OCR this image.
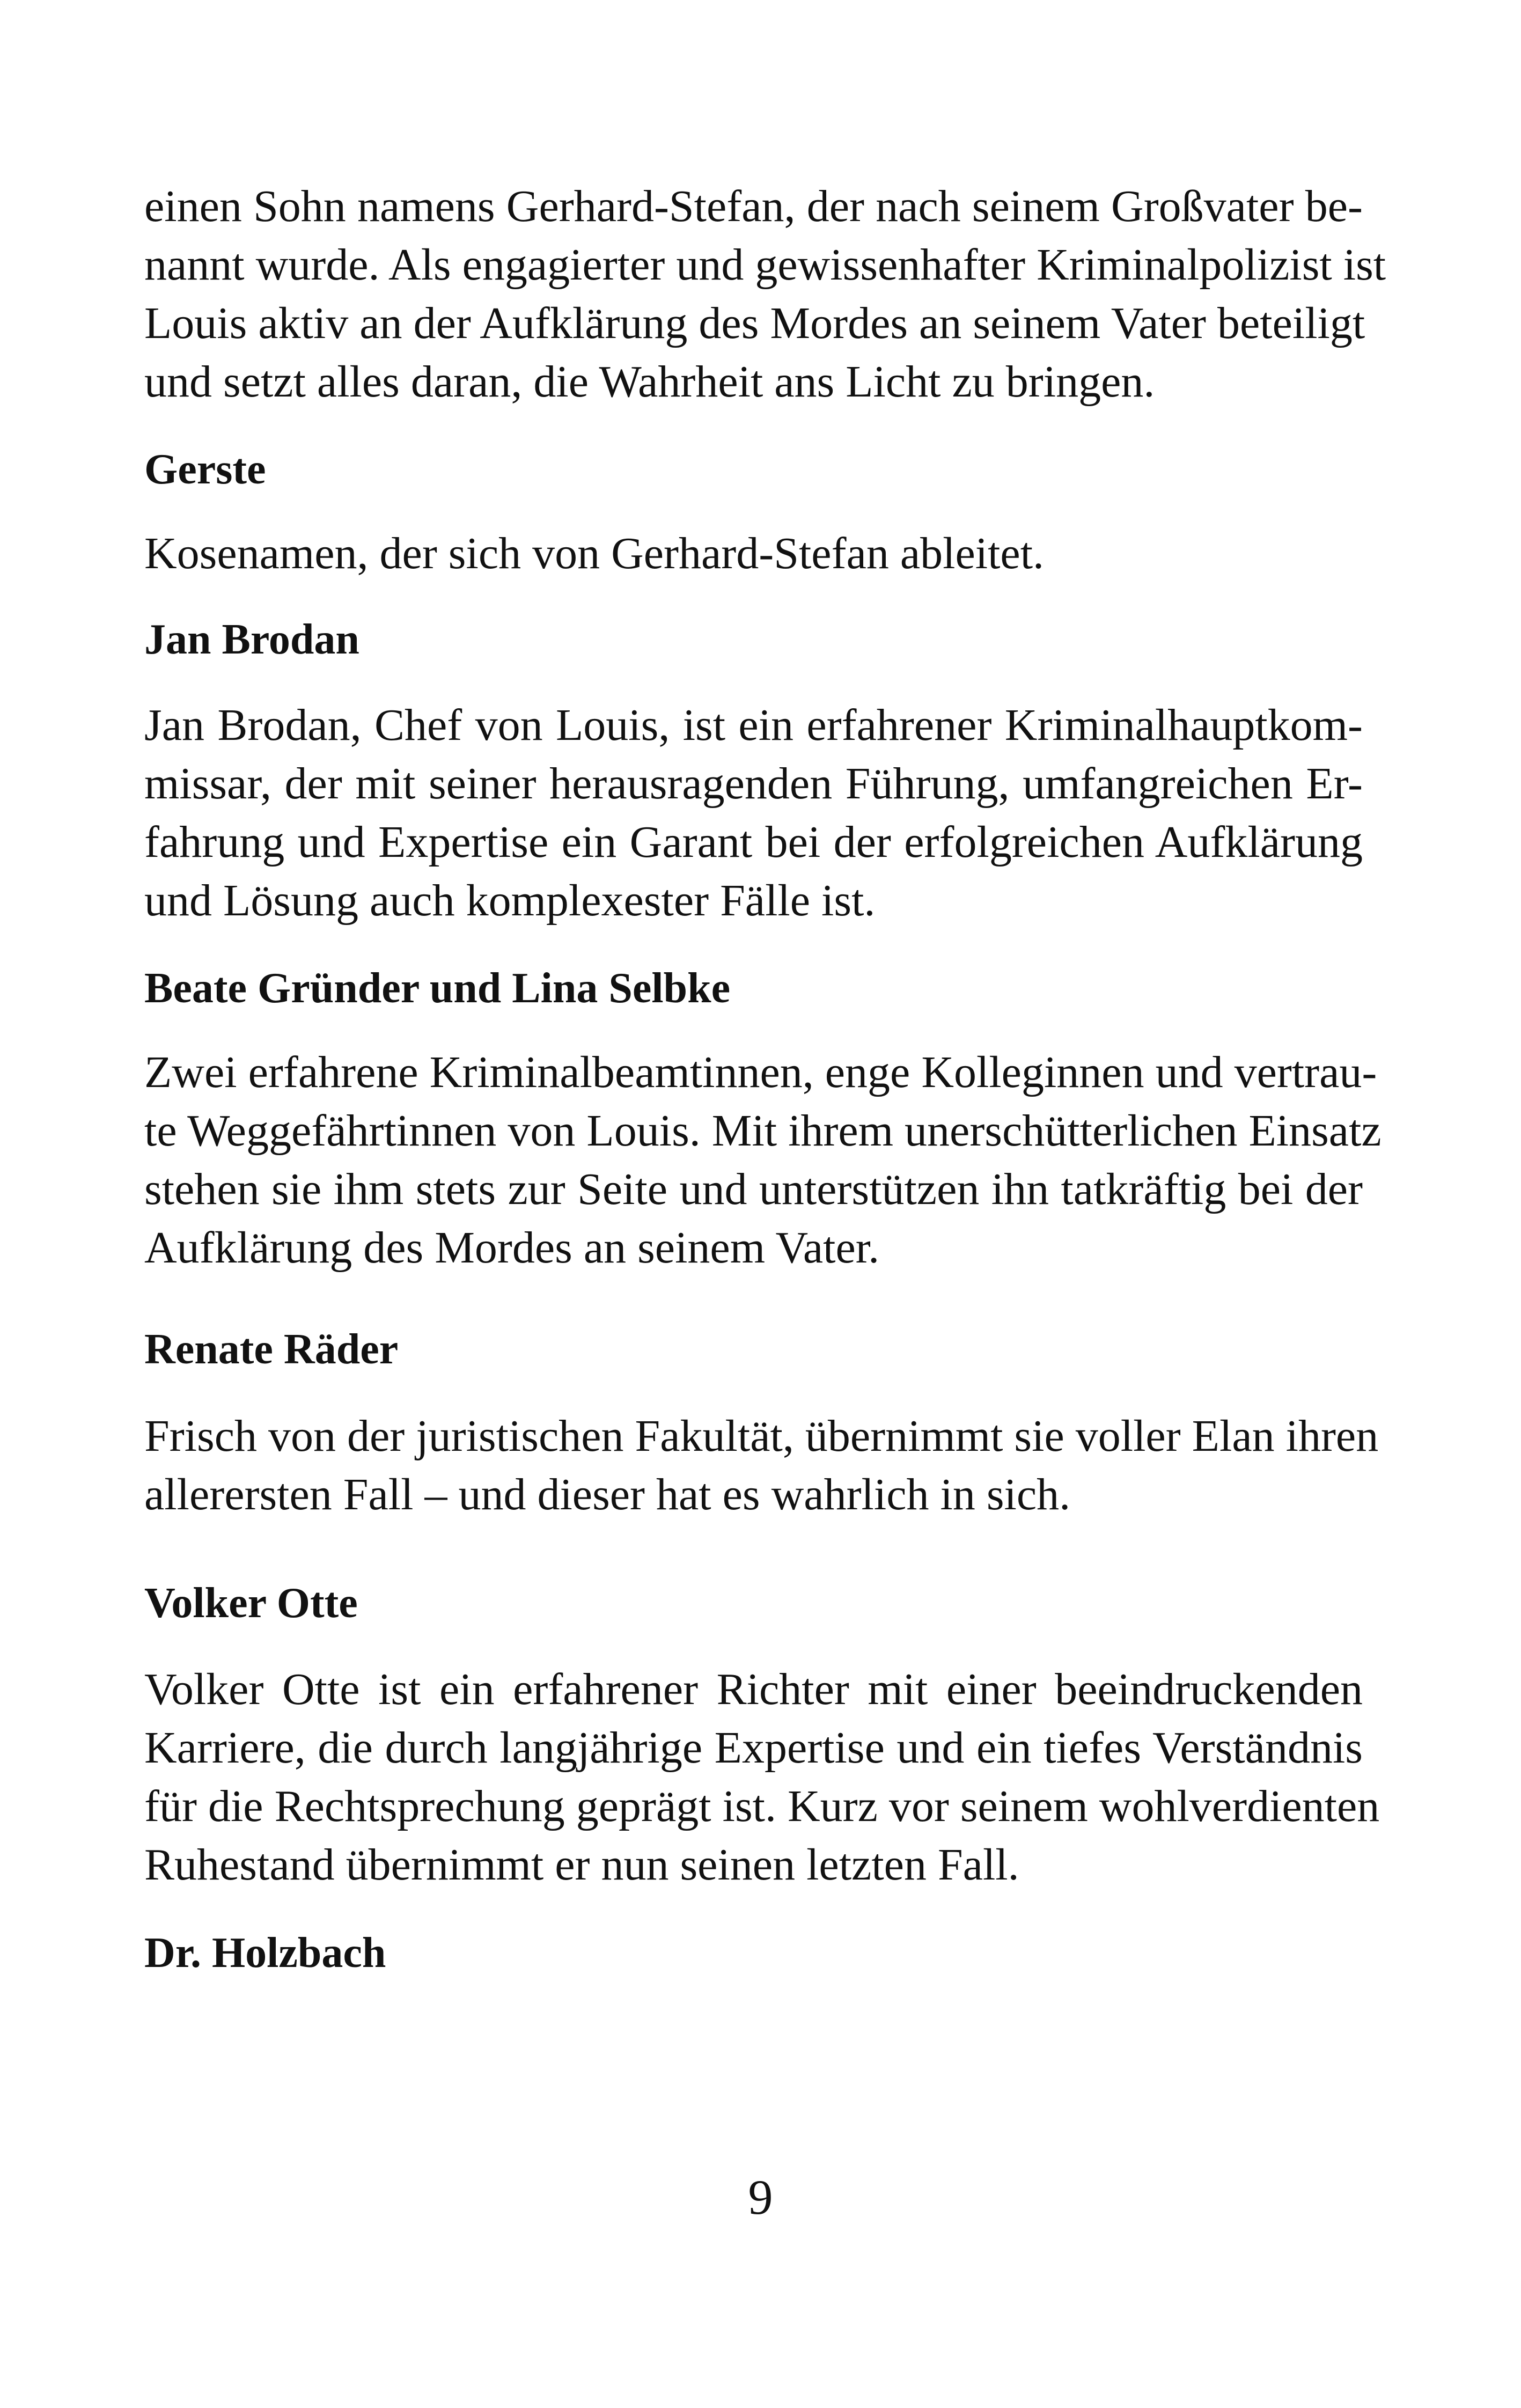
einen Sohn namens Gerhard-Stefan, der nach seinem Großvater be-
nannt wurde. Als engagierter und gewissenhafter Kriminalpolizist ist
Louis aktiv an der Aufklärung des Mordes an seinem Vater beteiligt
und setzt alles daran, die Wahrheit ans Licht zu bringen.
Gerste
Kosenamen, der sich von Gerhard-Stefan ableitet.
Jan Brodan
Jan Brodan, Chef von Louis, ist ein erfahrener Kriminalhauptkom-
missar, der mit seiner herausragenden Führung, umfangreichen Er-
fahrung und Expertise ein Garant bei der erfolgreichen Aufklärung
und Lösung auch komplexester Fälle ist.
Beate Gründer und Lina Selbke
Zwei erfahrene Kriminalbeamtinnen, enge Kolleginnen und vertrau-
te Weggefährtinnen von Louis. Mit ihrem unerschütterlichen Einsatz
stehen sie ihm stets zur Seite und unterstützen ihn tatkräftig bei der
Aufklärung des Mordes an seinem Vater.
Renate Räder
Frisch von der juristischen Fakultät, übernimmt sie voller Elan ihren
allerersten Fall – und dieser hat es wahrlich in sich.
Volker Otte
Volker Otte ist ein erfahrener Richter mit einer beeindruckenden
Karriere, die durch langjährige Expertise und ein tiefes Verständnis
für die Rechtsprechung geprägt ist. Kurz vor seinem wohlverdienten
Ruhestand übernimmt er nun seinen letzten Fall.
Dr. Holzbach
9
